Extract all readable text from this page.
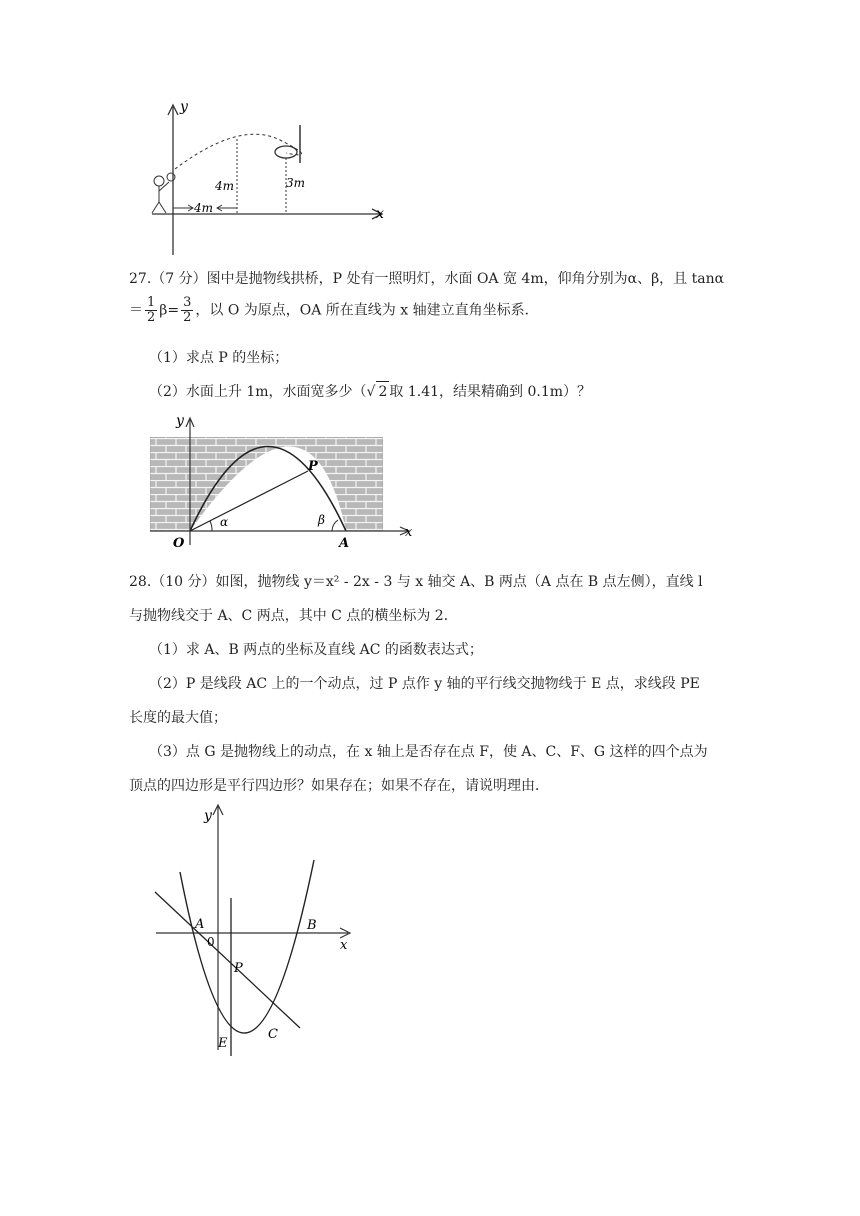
y
x
4m	3m
4m
27.（7 分）图中是抛物线拱桥，P 处有一照明灯，水面 OA 宽 4m，仰角分别为α、β，且 tanα
＝ $\frac{1}{2} \beta= \frac{3}{2}$ ，以 O 为原点，OA 所在直线为 x 轴建立直角坐标系．
（1）求点 P 的坐标；
（2）水面上升 1m，水面宽多少（√ 2 取 1.41，结果精确到 0.1m）？
y
x
P
O	A
α	β
28.（10 分）如图，抛物线 y＝x² ‑ 2x ‑ 3 与 x 轴交 A、B 两点（A 点在 B 点左侧），直线 l
与抛物线交于 A、C 两点，其中 C 点的横坐标为 2．
（1）求 A、B 两点的坐标及直线 AC 的函数表达式；
（2）P 是线段 AC 上的一个动点，过 P 点作 y 轴的平行线交抛物线于 E 点，求线段 PE
长度的最大值；
（3）点 G 是抛物线上的动点，在 x 轴上是否存在点 F，使 A、C、F、G 这样的四个点为
顶点的四边形是平行四边形？如果存在；如果不存在，请说明理由．
y
x
A
0
B
P
C
E
